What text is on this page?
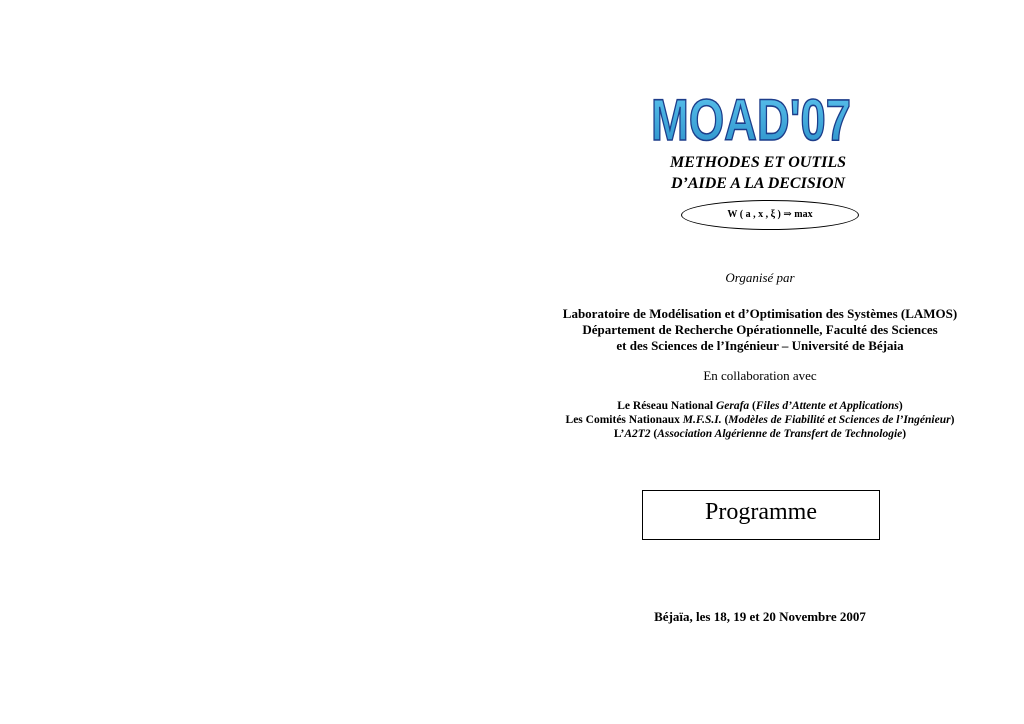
MOAD'07
METHODES ET OUTILS
D’AIDE A LA DECISION
W ( a , x , ξ ) ⇒ max
Organisé par
Laboratoire de Modélisation et d’Optimisation des Systèmes (LAMOS)
Département de Recherche Opérationnelle, Faculté des Sciences
et des Sciences de l’Ingénieur – Université de Béjaia
En collaboration avec
Le Réseau National Gerafa (Files d’Attente et Applications)
Les Comités Nationaux M.F.S.I. (Modèles de Fiabilité et Sciences de l’Ingénieur)
L’A2T2 (Association Algérienne de Transfert de Technologie)
Programme
Béjaïa, les 18, 19 et 20 Novembre 2007
